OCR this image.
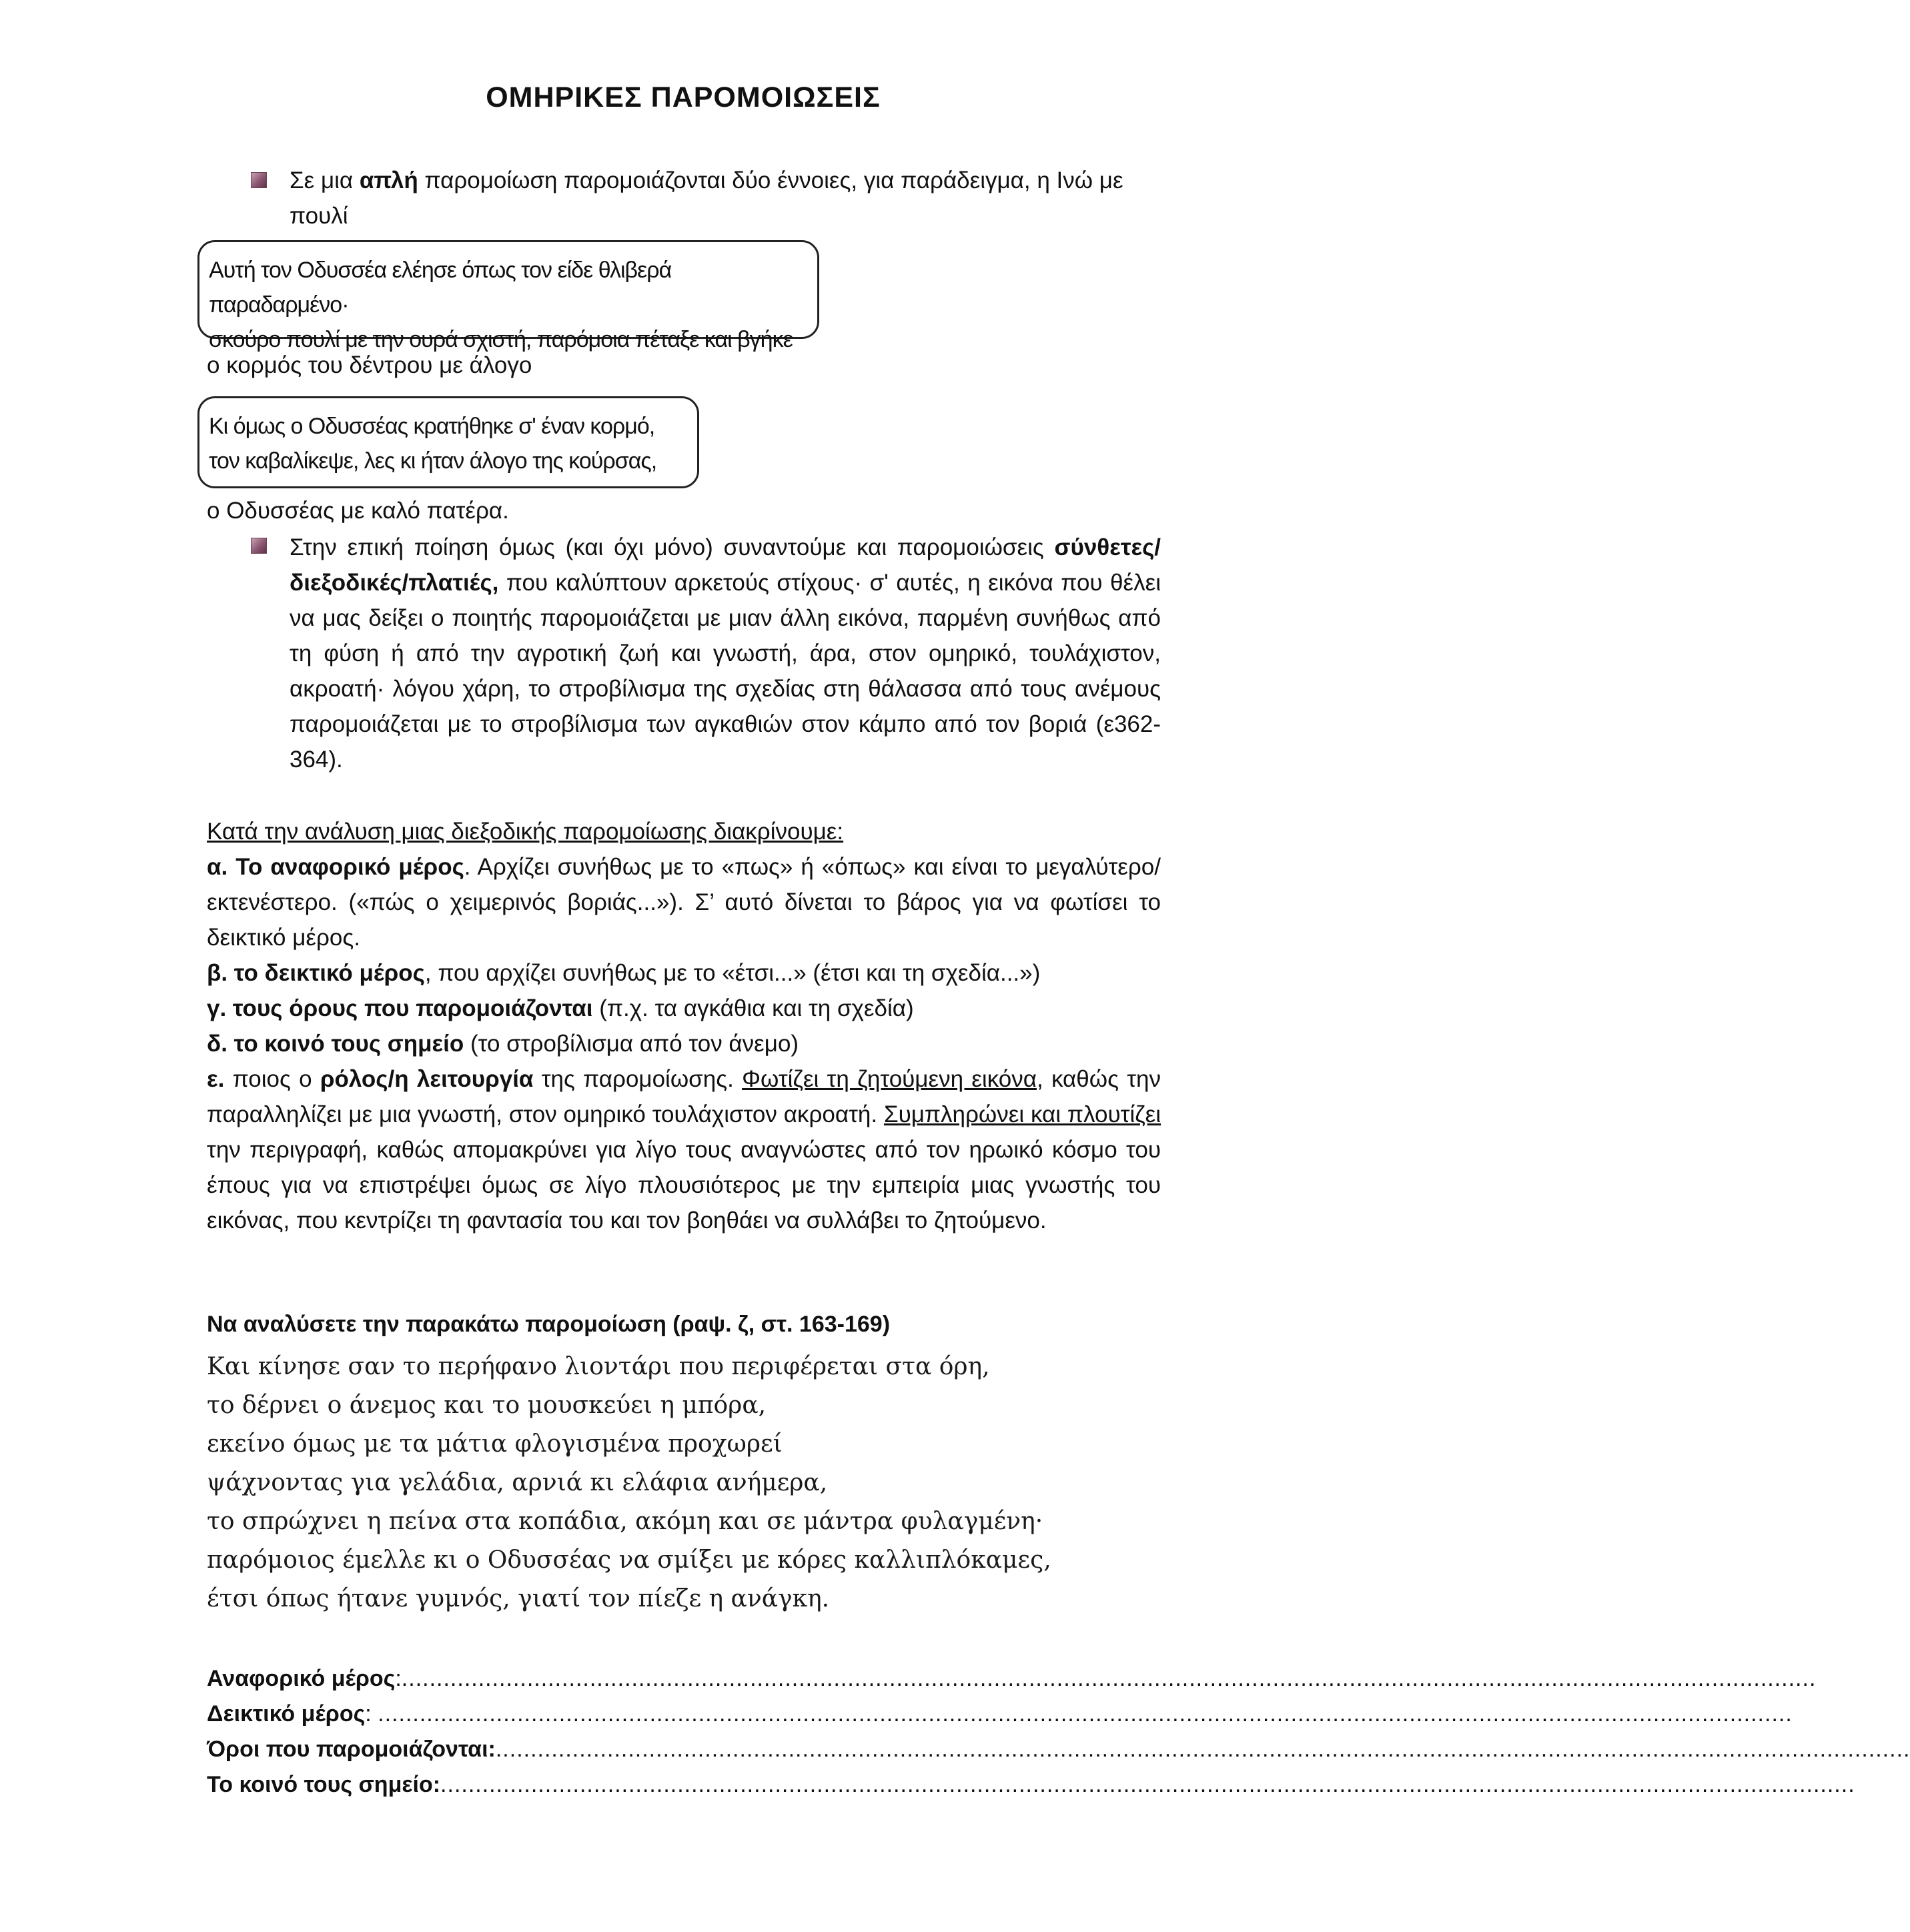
ΟΜΗΡΙΚΕΣ ΠΑΡΟΜΟΙΩΣΕΙΣ
Σε μια απλή παρομοίωση παρομοιάζονται δύο έννοιες, για παράδειγμα, η Ινώ με πουλί
Αυτή τον Οδυσσέα ελέησε όπως τον είδε θλιβερά παραδαρμένο·
σκούρο πουλί με την ουρά σχιστή, παρόμοια πέταξε και βγήκε
ο κορμός του δέντρου με άλογο
Κι όμως ο Οδυσσέας κρατήθηκε σ' έναν κορμό,
τον καβαλίκεψε, λες κι ήταν άλογο της κούρσας,
ο Οδυσσέας με καλό πατέρα.
Στην επική ποίηση όμως (και όχι μόνο) συναντούμε και παρομοιώσεις σύνθετες/διεξοδικές/πλατιές, που καλύπτουν αρκετούς στίχους· σ' αυτές, η εικόνα που θέλει να μας δείξει ο ποιητής παρομοιάζεται με μιαν άλλη εικόνα, παρμένη συνήθως από τη φύση ή από την αγροτική ζωή και γνωστή, άρα, στον ομηρικό, τουλάχιστον, ακροατή· λόγου χάρη, το στροβίλισμα της σχεδίας στη θάλασσα από τους ανέμους παρομοιάζεται με το στροβίλισμα των αγκαθιών στον κάμπο από τον βοριά (ε362-364).
Κατά την ανάλυση μιας διεξοδικής παρομοίωσης διακρίνουμε:
α. Το αναφορικό μέρος. Αρχίζει συνήθως με το «πως» ή «όπως» και είναι το μεγαλύτερο/εκτενέστερο. («πώς ο χειμερινός βοριάς...»). Σ’ αυτό δίνεται το βάρος για να φωτίσει το δεικτικό μέρος.
β. το δεικτικό μέρος, που αρχίζει συνήθως με το «έτσι...» (έτσι και τη σχεδία...»)
γ. τους όρους που παρομοιάζονται (π.χ. τα αγκάθια και τη σχεδία)
δ. το κοινό τους σημείο (το στροβίλισμα από τον άνεμο)
ε. ποιος ο ρόλος/η λειτουργία της παρομοίωσης. Φωτίζει τη ζητούμενη εικόνα, καθώς την παραλληλίζει με μια γνωστή, στον ομηρικό τουλάχιστον ακροατή. Συμπληρώνει και πλουτίζει την περιγραφή, καθώς απομακρύνει για λίγο τους αναγνώστες από τον ηρωικό κόσμο του έπους για να επιστρέψει όμως σε λίγο πλουσιότερος με την εμπειρία μιας γνωστής του εικόνας, που κεντρίζει τη φαντασία του και τον βοηθάει να συλλάβει το ζητούμενο.
Να αναλύσετε την παρακάτω παρομοίωση (ραψ. ζ, στ. 163-169)
Και κίνησε σαν το περήφανο λιοντάρι που περιφέρεται στα όρη,
το δέρνει ο άνεμος και το μουσκεύει η μπόρα,
εκείνο όμως με τα μάτια φλογισμένα προχωρεί
ψάχνοντας για γελάδια, αρνιά κι ελάφια ανήμερα,
το σπρώχνει η πείνα στα κοπάδια, ακόμη και σε μάντρα φυλαγμένη·
παρόμοιος έμελλε κι ο Οδυσσέας να σμίξει με κόρες καλλιπλόκαμες,
έτσι όπως ήτανε γυμνός, γιατί τον πίεζε η ανάγκη.
Αναφορικό μέρος : ...........................................................................................................................................................................................................
Δεικτικό μέρος : ...........................................................................................................................................................................................................
Όροι που παρομοιάζονται: ...........................................................................................................................................................................................................
Το κοινό τους σημείο: ...........................................................................................................................................................................................................
